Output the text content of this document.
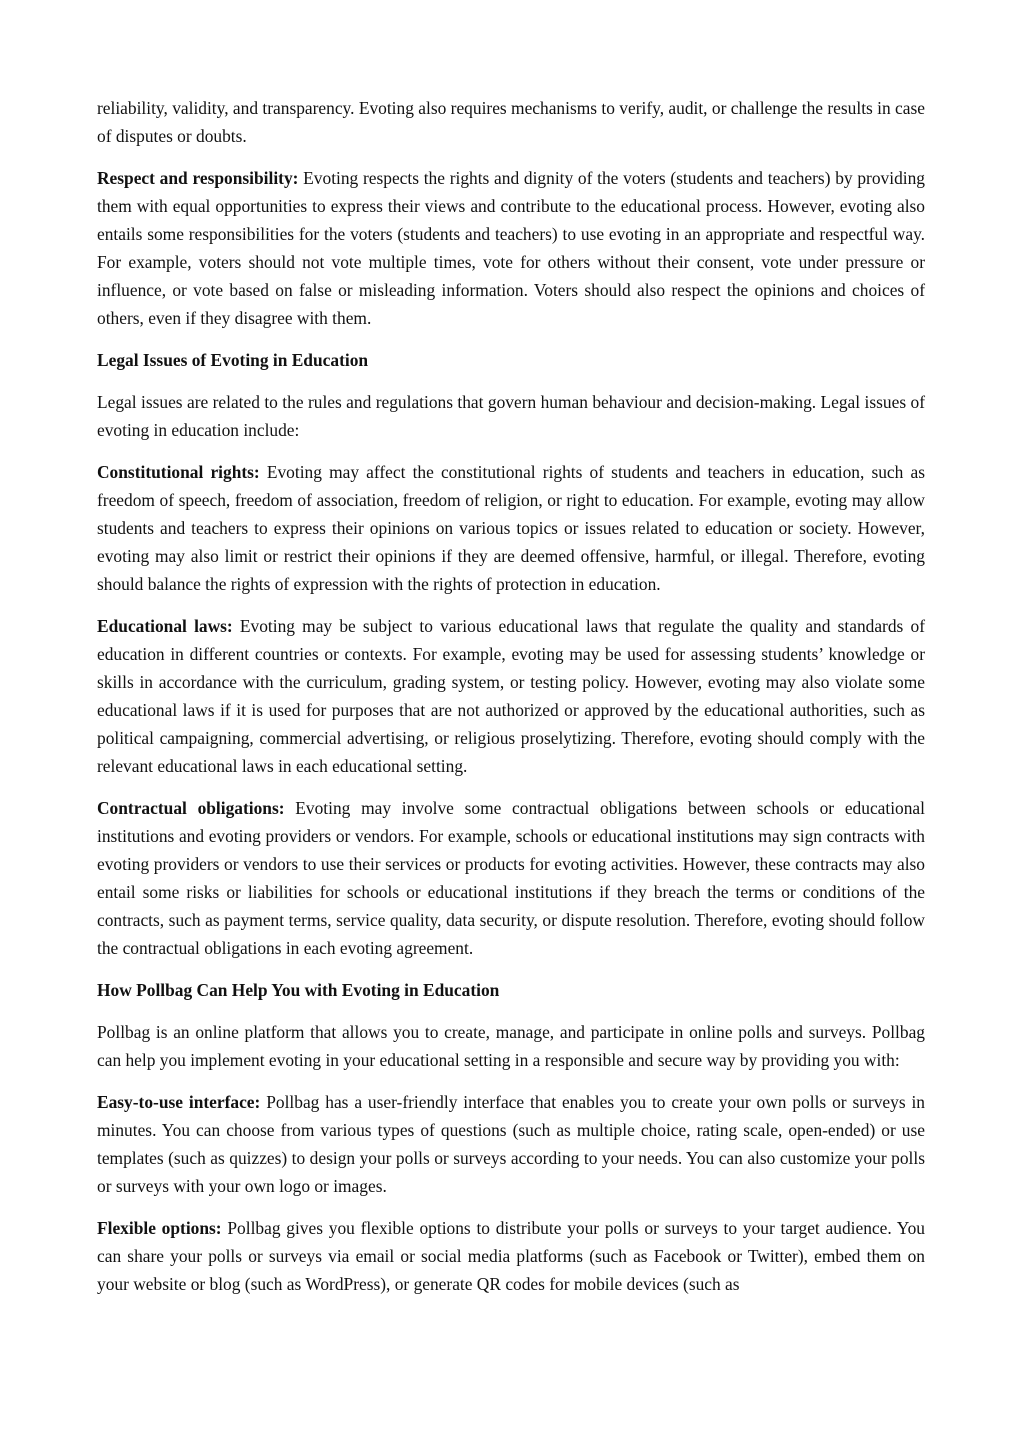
reliability, validity, and transparency. Evoting also requires mechanisms to verify, audit, or challenge the results in case of disputes or doubts.

Respect and responsibility: Evoting respects the rights and dignity of the voters (students and teachers) by providing them with equal opportunities to express their views and contribute to the educational process. However, evoting also entails some responsibilities for the voters (students and teachers) to use evoting in an appropriate and respectful way. For example, voters should not vote multiple times, vote for others without their consent, vote under pressure or influence, or vote based on false or misleading information. Voters should also respect the opinions and choices of others, even if they disagree with them.

Legal Issues of Evoting in Education

Legal issues are related to the rules and regulations that govern human behaviour and decision-making. Legal issues of evoting in education include:

Constitutional rights: Evoting may affect the constitutional rights of students and teachers in education, such as freedom of speech, freedom of association, freedom of religion, or right to education. For example, evoting may allow students and teachers to express their opinions on various topics or issues related to education or society. However, evoting may also limit or restrict their opinions if they are deemed offensive, harmful, or illegal. Therefore, evoting should balance the rights of expression with the rights of protection in education.

Educational laws: Evoting may be subject to various educational laws that regulate the quality and standards of education in different countries or contexts. For example, evoting may be used for assessing students’ knowledge or skills in accordance with the curriculum, grading system, or testing policy. However, evoting may also violate some educational laws if it is used for purposes that are not authorized or approved by the educational authorities, such as political campaigning, commercial advertising, or religious proselytizing. Therefore, evoting should comply with the relevant educational laws in each educational setting.

Contractual obligations: Evoting may involve some contractual obligations between schools or educational institutions and evoting providers or vendors. For example, schools or educational institutions may sign contracts with evoting providers or vendors to use their services or products for evoting activities. However, these contracts may also entail some risks or liabilities for schools or educational institutions if they breach the terms or conditions of the contracts, such as payment terms, service quality, data security, or dispute resolution. Therefore, evoting should follow the contractual obligations in each evoting agreement.

How Pollbag Can Help You with Evoting in Education

Pollbag is an online platform that allows you to create, manage, and participate in online polls and surveys. Pollbag can help you implement evoting in your educational setting in a responsible and secure way by providing you with:

Easy-to-use interface: Pollbag has a user-friendly interface that enables you to create your own polls or surveys in minutes. You can choose from various types of questions (such as multiple choice, rating scale, open-ended) or use templates (such as quizzes) to design your polls or surveys according to your needs. You can also customize your polls or surveys with your own logo or images.

Flexible options: Pollbag gives you flexible options to distribute your polls or surveys to your target audience. You can share your polls or surveys via email or social media platforms (such as Facebook or Twitter), embed them on your website or blog (such as WordPress), or generate QR codes for mobile devices (such as
